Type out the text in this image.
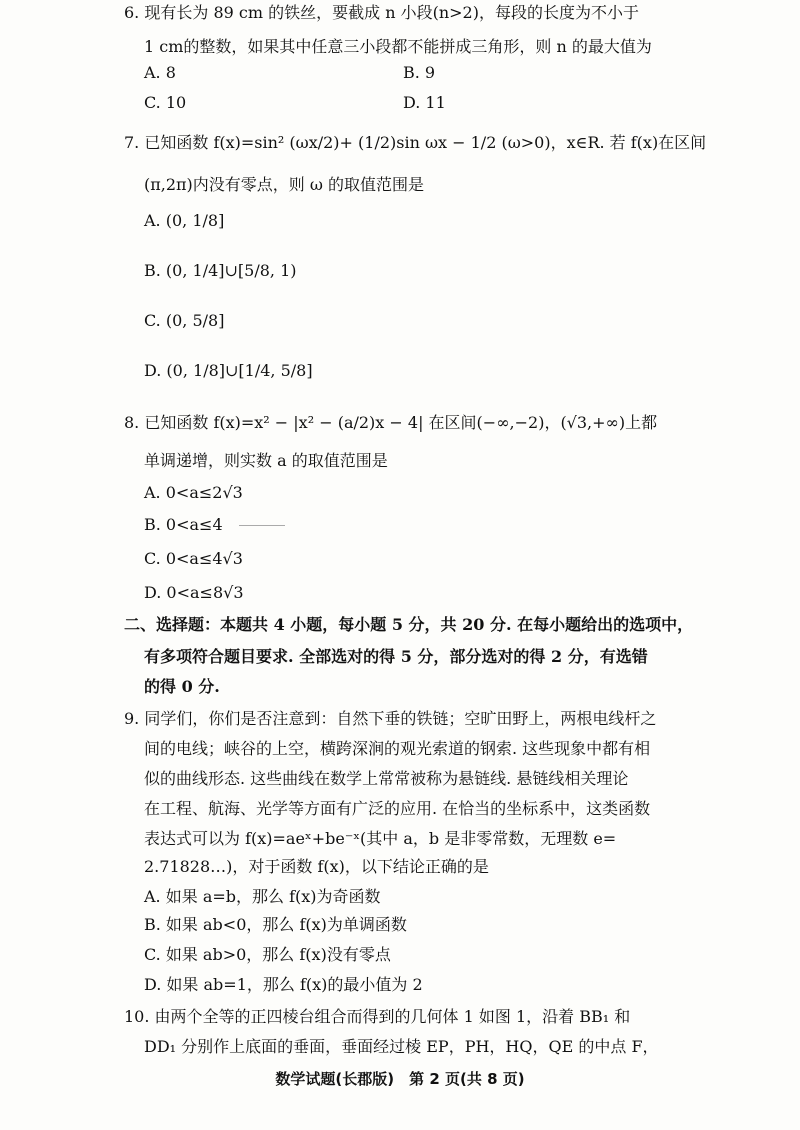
6. 现有长为 89 cm 的铁丝，要截成 n 小段(n>2)，每段的长度为不小于
1 cm的整数，如果其中任意三小段都不能拼成三角形，则 n 的最大值为
A. 8	B. 9
C. 10	D. 11
7. 已知函数 f(x)=sin² (ωx/2)+ (1/2)sin ωx − 1/2 (ω>0)，x∈R. 若 f(x)在区间
(π,2π)内没有零点，则 ω 的取值范围是
A. (0, 1/8]
B. (0, 1/4]∪[5/8, 1)
C. (0, 5/8]
D. (0, 1/8]∪[1/4, 5/8]
8. 已知函数 f(x)=x² − |x² − (a/2)x − 4| 在区间(−∞,−2)，(√3,+∞)上都
单调递增，则实数 a 的取值范围是
A. 0<a≤2√3
B. 0<a≤4
C. 0<a≤4√3
D. 0<a≤8√3
二、选择题：本题共 4 小题，每小题 5 分，共 20 分. 在每小题给出的选项中，
有多项符合题目要求. 全部选对的得 5 分，部分选对的得 2 分，有选错
的得 0 分.
9. 同学们，你们是否注意到：自然下垂的铁链；空旷田野上，两根电线杆之
间的电线；峡谷的上空，横跨深涧的观光索道的钢索. 这些现象中都有相
似的曲线形态. 这些曲线在数学上常常被称为悬链线. 悬链线相关理论
在工程、航海、光学等方面有广泛的应用. 在恰当的坐标系中，这类函数
表达式可以为 f(x)=aeˣ+be⁻ˣ(其中 a，b 是非零常数，无理数 e=
2.71828…)，对于函数 f(x)，以下结论正确的是
A. 如果 a=b，那么 f(x)为奇函数
B. 如果 ab<0，那么 f(x)为单调函数
C. 如果 ab>0，那么 f(x)没有零点
D. 如果 ab=1，那么 f(x)的最小值为 2
10. 由两个全等的正四棱台组合而得到的几何体 1 如图 1，沿着 BB₁ 和
DD₁ 分别作上底面的垂面，垂面经过棱 EP，PH，HQ，QE 的中点 F，
数学试题(长郡版)　第 2 页(共 8 页)
